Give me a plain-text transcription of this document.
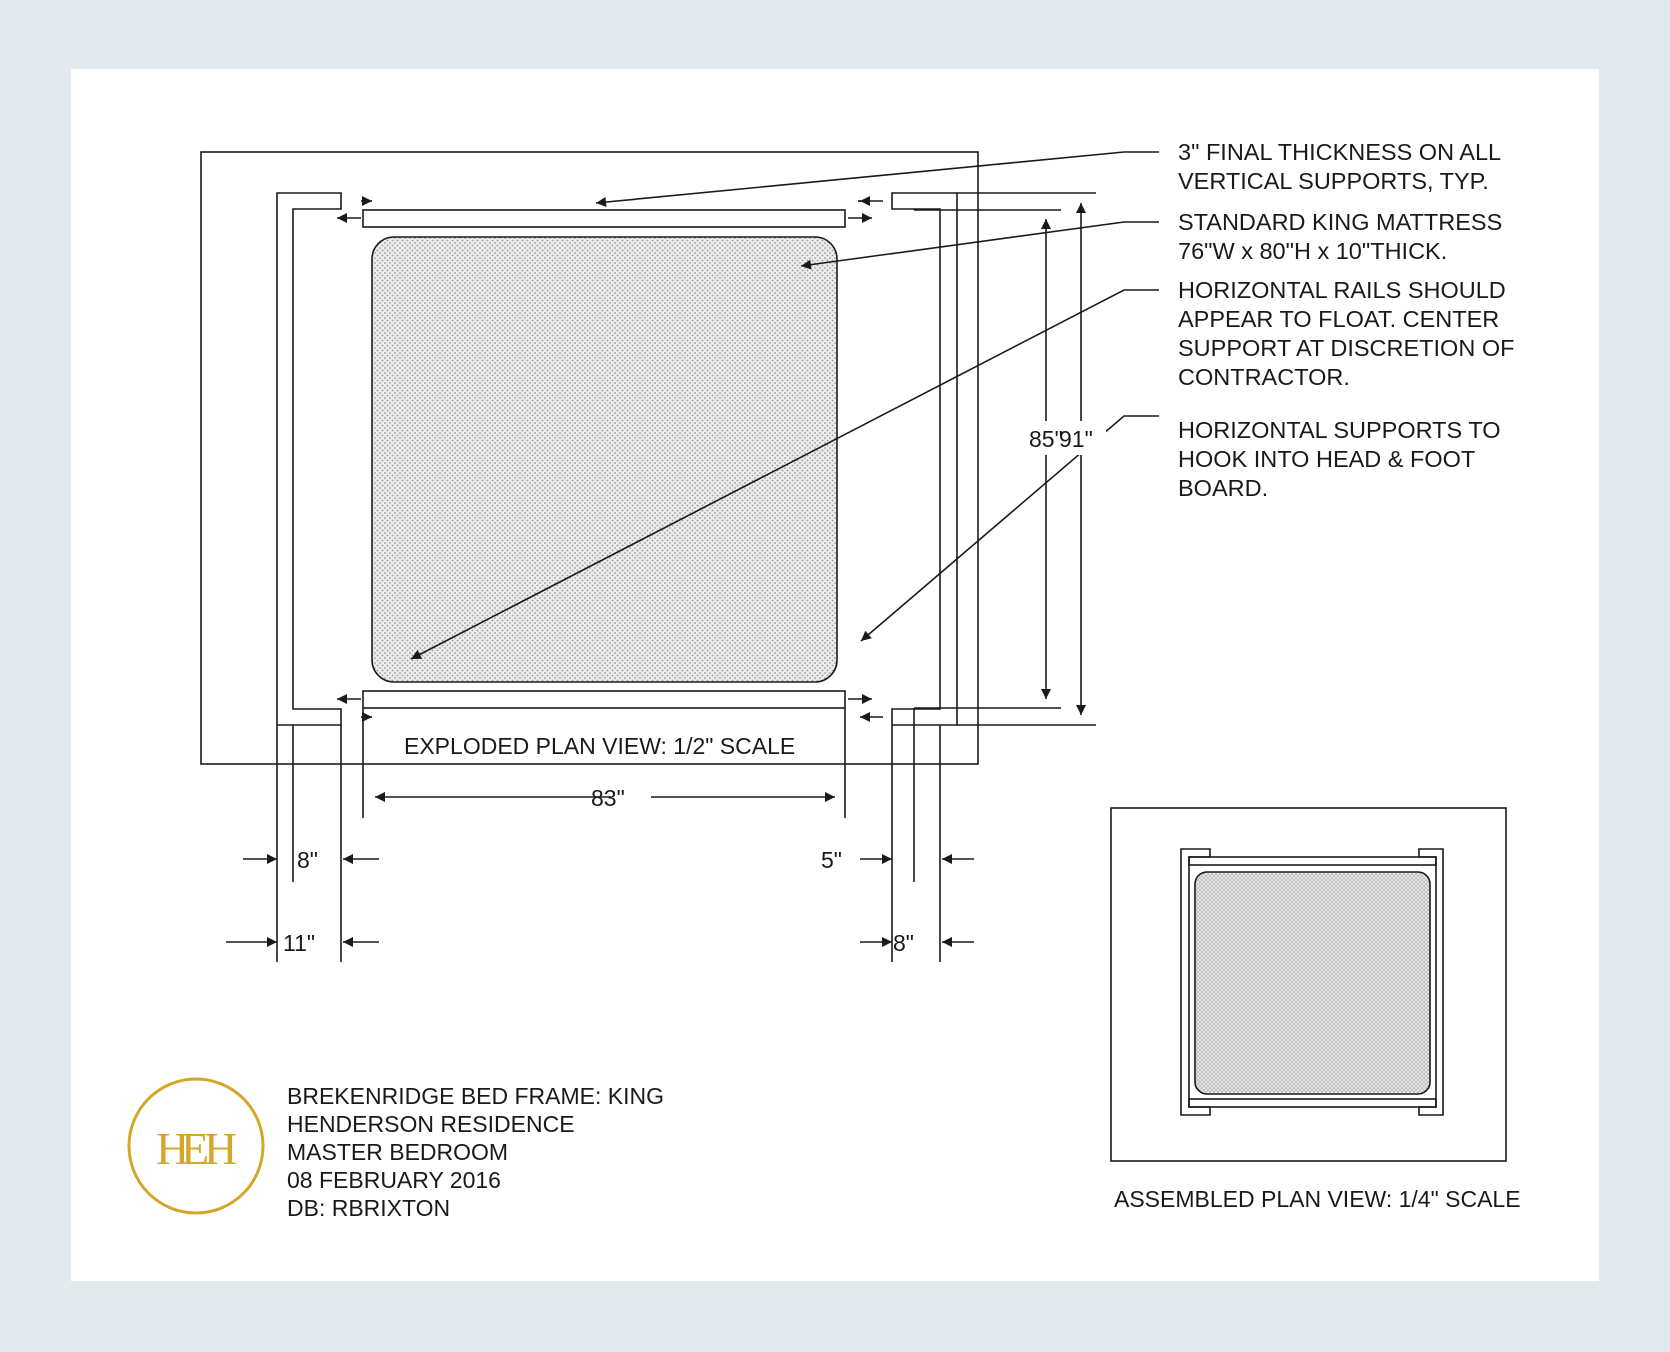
85"
91"
83"
8"
11"
5"
8"
3" FINAL THICKNESS ON ALL
VERTICAL SUPPORTS, TYP.
STANDARD KING MATTRESS
76"W x 80"H x 10"THICK.
HORIZONTAL RAILS SHOULD
APPEAR TO FLOAT. CENTER
SUPPORT AT DISCRETION OF
CONTRACTOR.
HORIZONTAL SUPPORTS TO
HOOK INTO HEAD & FOOT
BOARD.
EXPLODED PLAN VIEW: 1/2" SCALE
ASSEMBLED PLAN VIEW: 1/4" SCALE
H
E
H
BREKENRIDGE BED FRAME: KING
HENDERSON RESIDENCE
MASTER BEDROOM
08 FEBRUARY 2016
DB: RBRIXTON
